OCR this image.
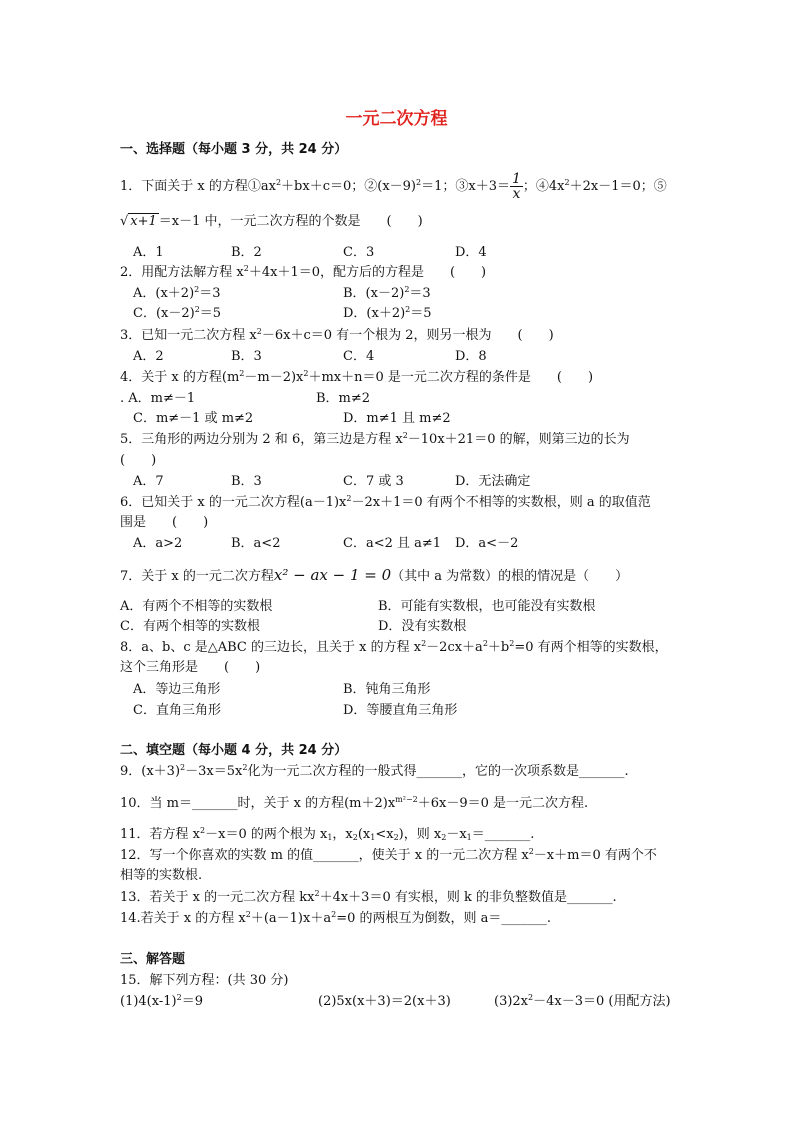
一元二次方程
一、选择题（每小题 3 分，共 24 分）
1．下面关于 x 的方程$①ax^2+bx+c=0$；$②(x-9)^2=1$；③x＋3＝ $\frac{1}{x}$ ；$④4x^2+2x-1=0$；⑤
√ x+1 ＝x－1 中，一元二次方程的个数是　　(　　)
A．1	B．2	C．3	D．4
2．用配方法解方程 $x^2+4x+1=0$，配方后的方程是　　(　　)
A．$(x+2)^2=3$	B．$(x-2)^2=3$
C．$(x-2)^2=5$	D．$(x+2)^2=5$
3．已知一元二次方程 $x^2-6x+c=0$ 有一个根为 2，则另一根为　　(　　)
A．2	B．3	C．4	D．8
4．关于 x 的方程$(m^2-m-2)x^2+mx+n=0$ 是一元二次方程的条件是　　(　　)
. A．m≠－1	B．m≠2
C．m≠－1 或 m≠2	D．m≠1 且 m≠2
5．三角形的两边分别为 2 和 6，第三边是方程 $x^2-10x+21=0$ 的解，则第三边的长为
(　　)
A．7	B．3	C．7 或 3	D．无法确定
6．已知关于 x 的一元二次方程$(a-1)x^2-2x+1=0$ 有两个不相等的实数根，则 a 的取值范
围是　　(　　)
A．a>2	B．a<2	C．a<2 且 a≠1 D．a<－2
7．关于 x 的一元二次方程x² − ax − 1 = 0（其中 a 为常数）的根的情况是（　　）
A．有两个不相等的实数根	B．可能有实数根，也可能没有实数根
C．有两个相等的实数根	D．没有实数根
8．a、b、c 是△ABC 的三边长，且关于 x 的方程 $x^2-2cx+a^2+b^2=0$ 有两个相等的实数根，
这个三角形是　　(　　)
A．等边三角形	B．钝角三角形
C．直角三角形	D．等腰直角三角形
二、填空题（每小题 4 分，共 24 分）
9．$(x+3)^2-3x=5x^2$化为一元二次方程的一般式得_______，它的一次项系数是_______.
10．当 m＝_______时，关于 x 的方程$(m+2)x^{m^2-2}+6x-9=0$ 是一元二次方程.
11．若方程 $x^2-x=0$ 的两个根为 $x_1$，$x_2(x_1<x_2)$，则 $x_2-x_1=\_\_\_\_\_\_\_$.
12．写一个你喜欢的实数 m 的值_______，使关于 x 的一元二次方程 $x^2-x+m=0$ 有两个不
相等的实数根.
13．若关于 x 的一元二次方程 $kx^2+4x+3=0$ 有实根，则 k 的非负整数值是_______.
14.若关于 x 的方程 $x^2+(a-1)x+a^2=0$ 的两根互为倒数，则 a＝_______.
三、解答题
15．解下列方程：(共 30 分)
$(1)4(x-1)^2=9$	(2)5x(x＋3)＝2(x＋3)	$(3)2x^2-4x-3=0$ (用配方法)
